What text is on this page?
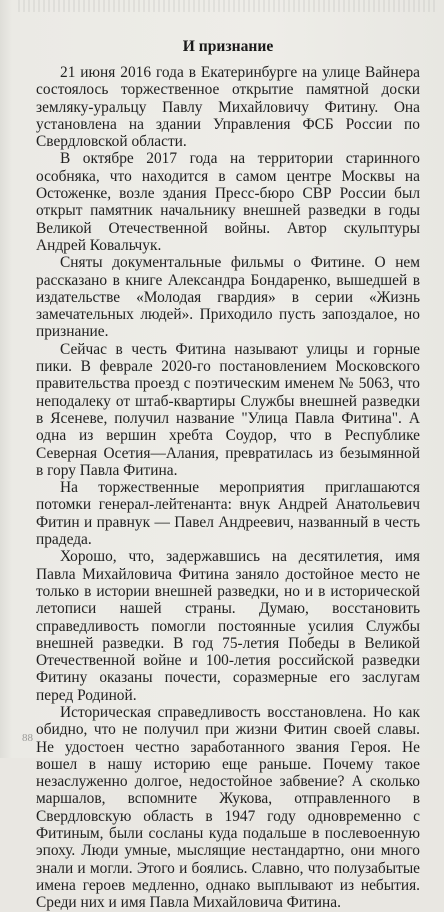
И признание

21 июня 2016 года в Екатеринбурге на улице Вайнера состоялось торжественное открытие памятной доски земляку-уральцу Павлу Михайловичу Фитину. Она установлена на здании Управления ФСБ России по Свердловской области.

В октябре 2017 года на территории старинного особняка, что находится в самом центре Москвы на Остоженке, возле здания Пресс-бюро СВР России был открыт памятник начальнику внешней разведки в годы Великой Отечественной войны. Автор скульптуры Андрей Ковальчук.

Сняты документальные фильмы о Фитине. О нем рассказано в книге Александра Бондаренко, вышедшей в издательстве «Молодая гвардия» в серии «Жизнь замечательных людей». Приходило пусть запоздалое, но признание.

Сейчас в честь Фитина называют улицы и горные пики. В феврале 2020-го постановлением Московского правительства проезд с поэтическим именем № 5063, что неподалеку от штаб-квартиры Службы внешней разведки в Ясеневе, получил название "Улица Павла Фитина". А одна из вершин хребта Соудор, что в Республике Северная Осетия—Алания, превратилась из безымянной в гору Павла Фитина.

На торжественные мероприятия приглашаются потомки генерал-лейтенанта: внук Андрей Анатольевич Фитин и правнук — Павел Андреевич, названный в честь прадеда.

Хорошо, что, задержавшись на десятилетия, имя Павла Михайловича Фитина заняло достойное место не только в истории внешней разведки, но и в исторической летописи нашей страны. Думаю, восстановить справедливость помогли постоянные усилия Службы внешней разведки. В год 75-летия Победы в Великой Отечественной войне и 100-летия российской разведки Фитину оказаны почести, соразмерные его заслугам перед Родиной.

Историческая справедливость восстановлена. Но как обидно, что не получил при жизни Фитин своей славы. Не удостоен честно заработанного звания Героя. Не вошел в нашу историю еще раньше. Почему такое незаслуженно долгое, недостойное забвение? А сколько маршалов, вспомните Жукова, отправленного в Свердловскую область в 1947 году одновременно с Фитиным, были сосланы куда подальше в послевоенную эпоху. Люди умные, мыслящие нестандартно, они много знали и могли. Этого и боялись. Славно, что полузабытые имена героев медленно, однако выплывают из небытия. Среди них и имя Павла Михайловича Фитина.

88
